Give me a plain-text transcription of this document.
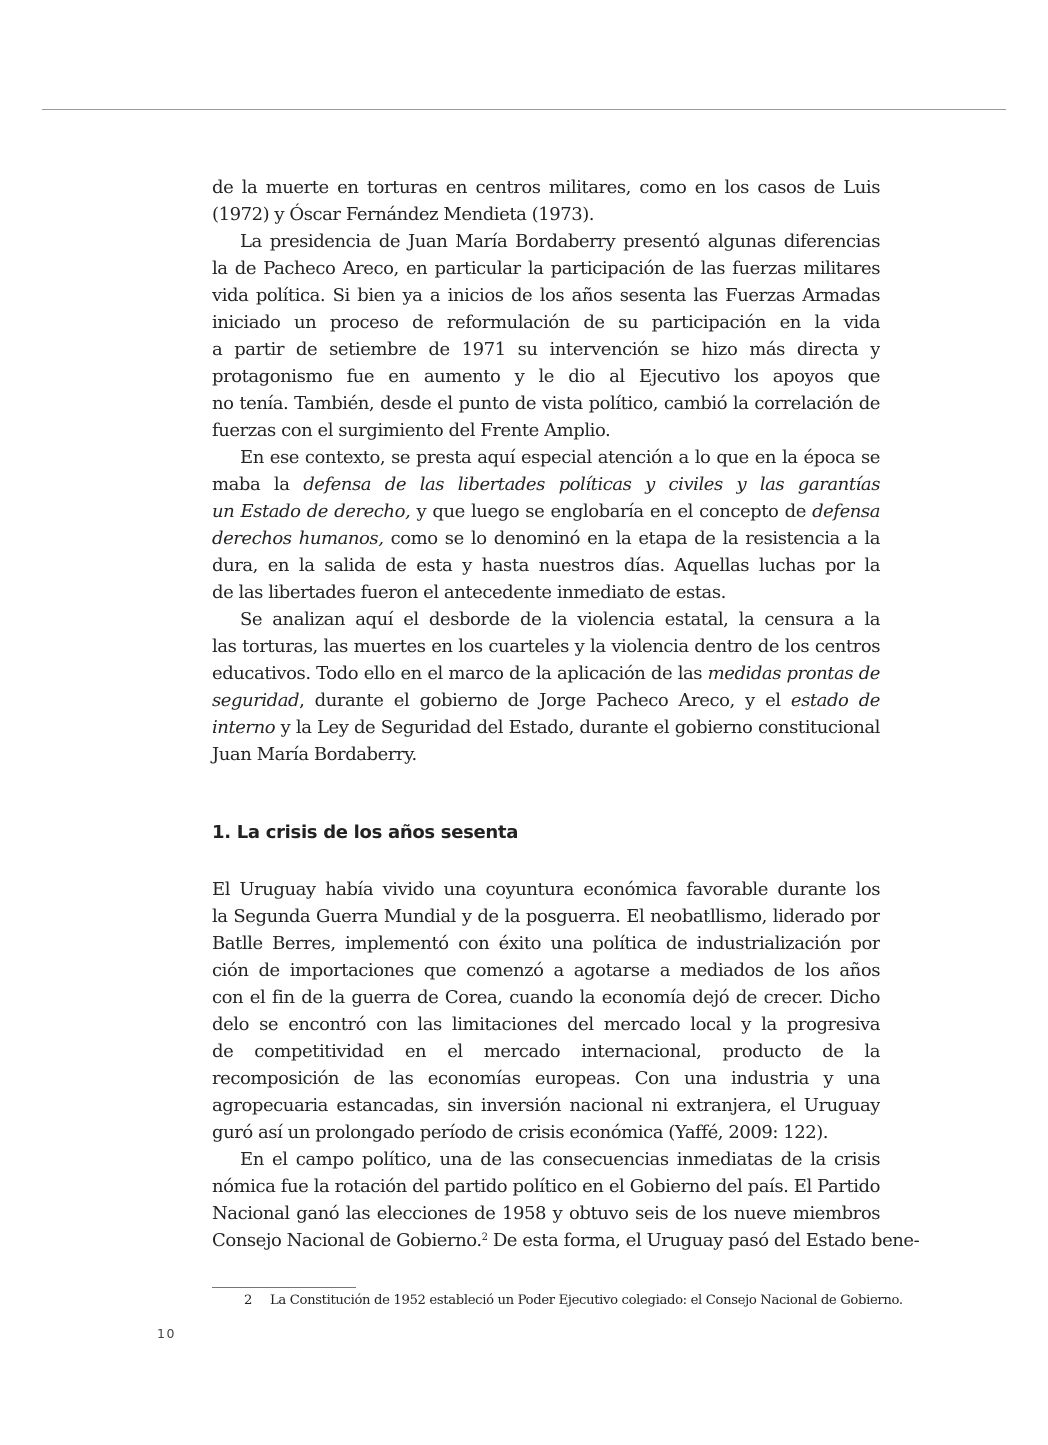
de la muerte en torturas en centros militares, como en los casos de Luis
(1972) y Óscar Fernández Mendieta (1973).
La presidencia de Juan María Bordaberry presentó algunas diferencias
la de Pacheco Areco, en particular la participación de las fuerzas militares
vida política. Si bien ya a inicios de los años sesenta las Fuerzas Armadas
iniciado un proceso de reformulación de su participación en la vida
a partir de setiembre de 1971 su intervención se hizo más directa y
protagonismo fue en aumento y le dio al Ejecutivo los apoyos que
no tenía. También, desde el punto de vista político, cambió la correlación de
fuerzas con el surgimiento del Frente Amplio.
En ese contexto, se presta aquí especial atención a lo que en la época se
maba la defensa de las libertades políticas y civiles y las garantías
un Estado de derecho, y que luego se englobaría en el concepto de defensa
derechos humanos, como se lo denominó en la etapa de la resistencia a la
dura, en la salida de esta y hasta nuestros días. Aquellas luchas por la
de las libertades fueron el antecedente inmediato de estas.
Se analizan aquí el desborde de la violencia estatal, la censura a la
las torturas, las muertes en los cuarteles y la violencia dentro de los centros
educativos. Todo ello en el marco de la aplicación de las medidas prontas de
seguridad, durante el gobierno de Jorge Pacheco Areco, y el estado de
interno y la Ley de Seguridad del Estado, durante el gobierno constitucional
Juan María Bordaberry.
1. La crisis de los años sesenta
El Uruguay había vivido una coyuntura económica favorable durante los
la Segunda Guerra Mundial y de la posguerra. El neobatllismo, liderado por
Batlle Berres, implementó con éxito una política de industrialización por
ción de importaciones que comenzó a agotarse a mediados de los años
con el fin de la guerra de Corea, cuando la economía dejó de crecer. Dicho
delo se encontró con las limitaciones del mercado local y la progresiva
de competitividad en el mercado internacional, producto de la
recomposición de las economías europeas. Con una industria y una
agropecuaria estancadas, sin inversión nacional ni extranjera, el Uruguay
guró así un prolongado período de crisis económica (Yaffé, 2009: 122).
En el campo político, una de las consecuencias inmediatas de la crisis
nómica fue la rotación del partido político en el Gobierno del país. El Partido
Nacional ganó las elecciones de 1958 y obtuvo seis de los nueve miembros
Consejo Nacional de Gobierno.$^2$ De esta forma, el Uruguay pasó del Estado bene-
2 La Constitución de 1952 estableció un Poder Ejecutivo colegiado: el Consejo Nacional de Gobierno.
10
